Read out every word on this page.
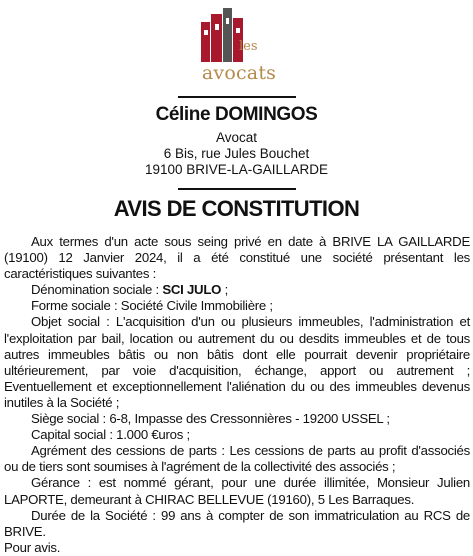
les
avocats
Céline DOMINGOS
Avocat
6 Bis, rue Jules Bouchet
19100 BRIVE-LA-GAILLARDE
AVIS DE CONSTITUTION

Aux termes d'un acte sous seing privé en date à BRIVE LA GAILLARDE (19100) 12 Janvier 2024, il a été constitué une société présentant les caractéristiques suivantes :

Dénomination sociale : SCI JULO ;

Forme sociale : Société Civile Immobilière ;

Objet social : L'acquisition d'un ou plusieurs immeubles, l'administration et l'exploitation par bail, location ou autrement du ou desdits immeubles et de tous autres immeubles bâtis ou non bâtis dont elle pourrait devenir propriétaire ultérieurement, par voie d'acquisition, échange, apport ou autrement ; Eventuellement et exceptionnellement l'aliénation du ou des immeubles devenus inutiles à la Société ;

Siège social : 6-8, Impasse des Cressonnières - 19200 USSEL ;

Capital social : 1.000 €uros ;

Agrément des cessions de parts : Les cessions de parts au profit d'associés ou de tiers sont soumises à l'agrément de la collectivité des associés ;

Gérance : est nommé gérant, pour une durée illimitée, Monsieur Julien LAPORTE, demeurant à CHIRAC BELLEVUE (19160), 5 Les Barraques.

Durée de la Société : 99 ans à compter de son immatriculation au RCS de BRIVE.

Pour avis.
